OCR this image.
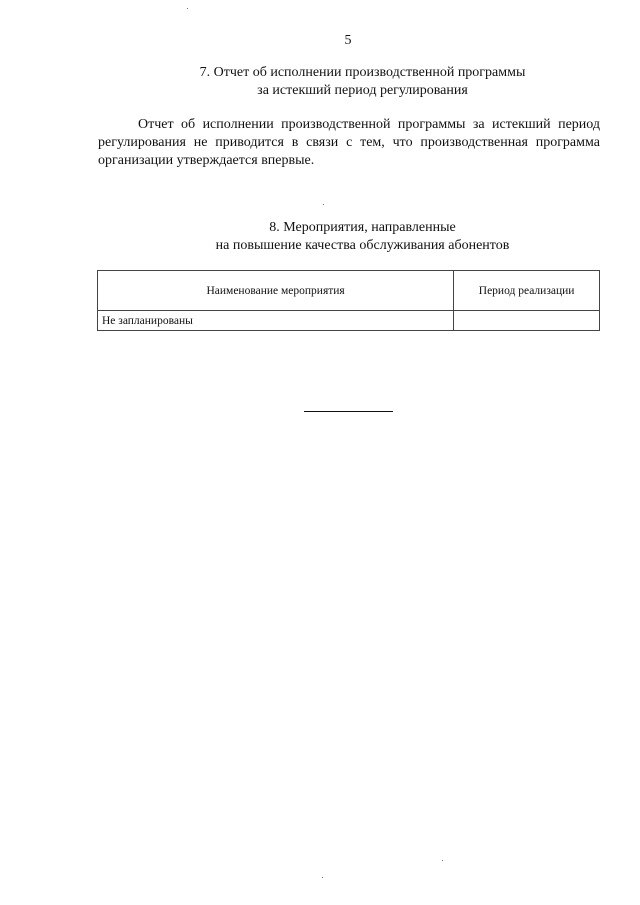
5
7. Отчет об исполнении производственной программы
за истекший период регулирования

Отчет об исполнении производственной программы за истекший период регулирования не приводится в связи с тем, что производственная программа организации утверждается впервые.

8. Мероприятия, направленные
на повышение качества обслуживания абонентов
Наименование мероприятия	Период реализации
Не запланированы	
